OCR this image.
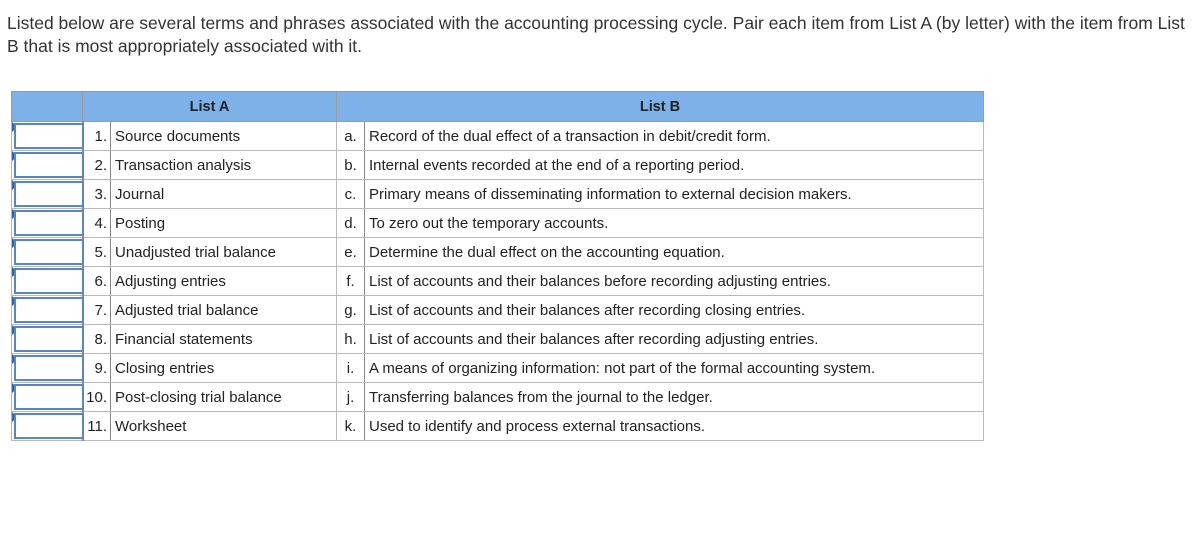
Listed below are several terms and phrases associated with the accounting processing cycle. Pair each item from List A (by letter) with the item from List B that is most appropriately associated with it.

	List A		List B	

	1.	Source documents	a.	Record of the dual effect of a transaction in debit/credit form.

	2.	Transaction analysis	b.	Internal events recorded at the end of a reporting period.

	3.	Journal	c.	Primary means of disseminating information to external decision makers.

	4.	Posting	d.	To zero out the temporary accounts.

	5.	Unadjusted trial balance	e.	Determine the dual effect on the accounting equation.

	6.	Adjusting entries	f.	List of accounts and their balances before recording adjusting entries.

	7.	Adjusted trial balance	g.	List of accounts and their balances after recording closing entries.

	8.	Financial statements	h.	List of accounts and their balances after recording adjusting entries.

	9.	Closing entries	i.	A means of organizing information: not part of the formal accounting system.

	10.	Post-closing trial balance	j.	Transferring balances from the journal to the ledger.

	11.	Worksheet	k.	Used to identify and process external transactions.
